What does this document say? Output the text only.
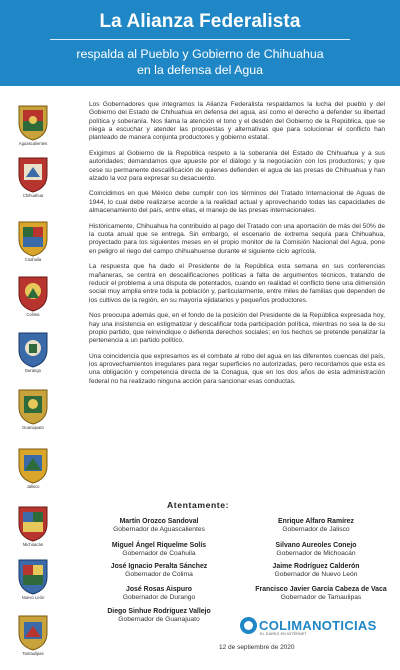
La Alianza Federalista
respalda al Pueblo y Gobierno de Chihuahua
en la defensa del Agua
Aguascalientes
Chihuahua
Coahuila
Colima
Durango
Guanajuato
Jalisco
Michoacán
Nuevo León
Tamaulipas

Los Gobernadores que integramos la Alianza Federalista respaldamos la lucha del pueblo y del Gobierno del Estado de Chihuahua en defensa del agua, así como el derecho a defender su libertad política y soberanía. Nos llama la atención el tono y el desdén del Gobierno de la República, que se niega a escuchar y atender las propuestas y alternativas que para solucionar el conflicto han planteado de manera conjunta productores y gobierno estatal.

Exigimos al Gobierno de la República respeto a la soberanía del Estado de Chihuahua y a sus autoridades; demandamos que apueste por el diálogo y la negociación con los productores; y que cese su permanente descalificación de quienes defienden el agua de las presas de Chihuahua y han alzado la voz para expresar su desacuerdo.

Coincidimos en que México debe cumplir con los términos del Tratado Internacional de Aguas de 1944, lo cual debe realizarse acorde a la realidad actual y aprovechando todas las capacidades de almacenamiento del país, entre ellas, el manejo de las presas internacionales.

Históricamente, Chihuahua ha contribuido al pago del Tratado con una aportación de más del 50% de la cuota anual que se entrega. Sin embargo, el escenario de extrema sequía para Chihuahua, proyectado para los siguientes meses en el propio monitor de la Comisión Nacional del Agua, pone en peligro el riego del campo chihuahuense durante el siguiente ciclo agrícola.

La respuesta que ha dado el Presidente de la República esta semana en sus conferencias mañaneras, se centra en descalificaciones políticas a falta de argumentos técnicos, tratando de reducir el problema a una disputa de potentados, cuando en realidad el conflicto tiene una dimensión social muy amplia entre toda la población y, particularmente, entre miles de familias que dependen de los cultivos de la región, en su mayoría ejidatarios y pequeños productores.

Nos preocupa además que, en el fondo de la posición del Presidente de la República expresada hoy, hay una insistencia en estigmatizar y descalificar toda participación política, mientras no sea la de su propio partido, que reinvindique o defienda derechos sociales; en los hechos se pretende penalizar la pertenencia a un partido político.

Una coincidencia que expresamos es el combate al robo del agua en las diferentes cuencas del país, los aprovechamientos irregulares para regar superficies no autorizadas, pero recordamos que esta es una obligación y competencia directa de la Conagua, que en los dos años de esta administración federal no ha realizado ninguna acción para sancionar esas conductas.

Atentamente:
Martín Orozco Sandoval
Gobernador de Aguascalientes
Enrique Alfaro Ramírez
Gobernador de Jalisco
Miguel Ángel Riquelme Solís
Gobernador de Coahuila
Silvano Aureoles Conejo
Gobernador de Michoacán
José Ignacio Peralta Sánchez
Gobernador de Colima
Jaime Rodríguez Calderón
Gobernador de Nuevo León
José Rosas Aispuro
Gobernador de Durango
Francisco Javier García Cabeza de Vaca
Gobernador de Tamaulipas
Diego Sinhue Rodríguez Vallejo
Gobernador de Guanajuato	COLIMANOTICIAS
EL DIARIO EN INTERNET
12 de septiembre de 2020
